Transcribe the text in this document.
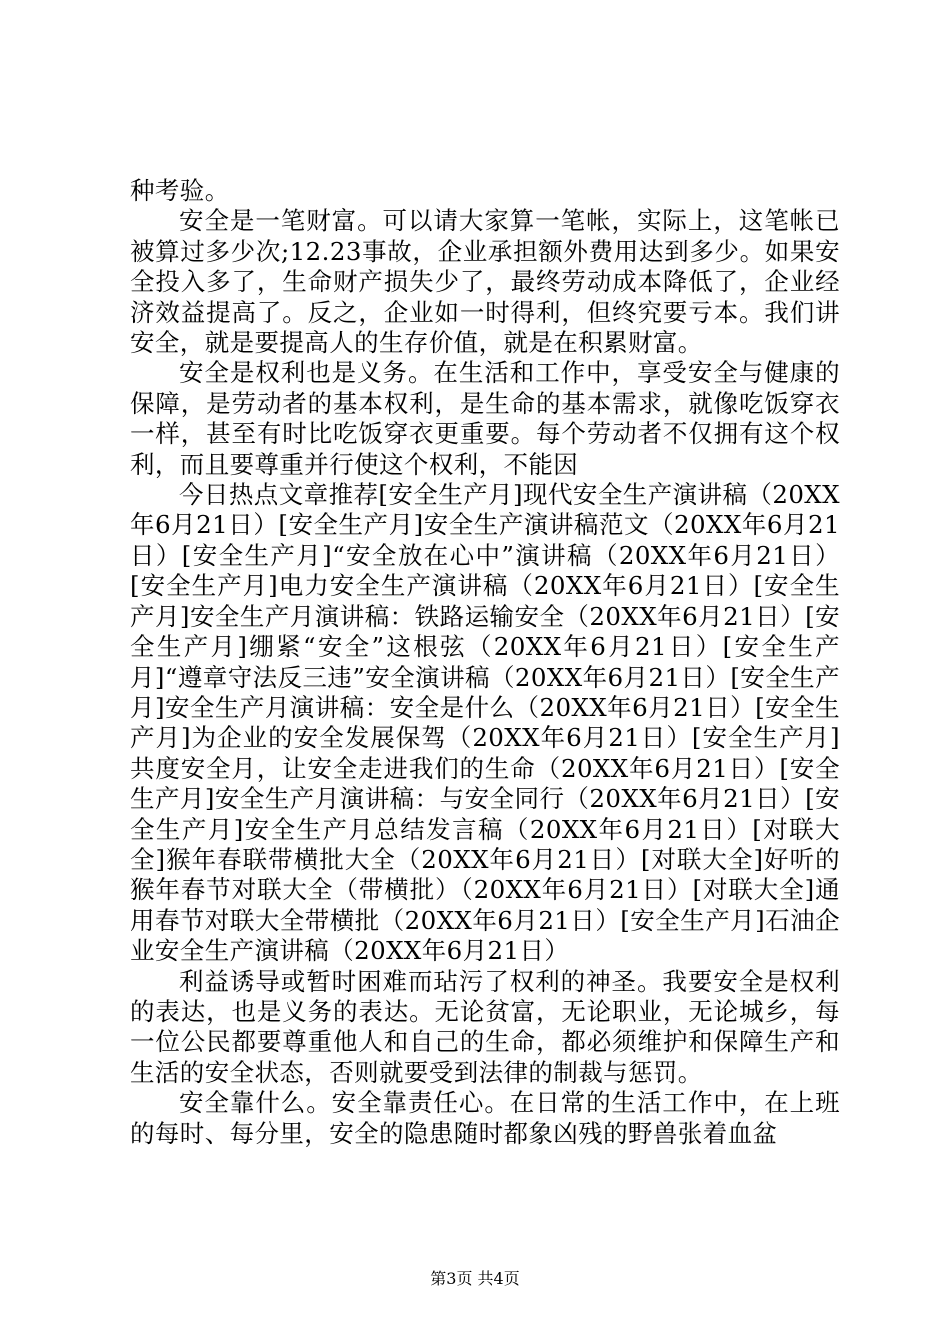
种考验。

安全是一笔财富。可以请大家算一笔帐，实际上，这笔帐已被算过多少次;12.23事故，企业承担额外费用达到多少。如果安全投入多了，生命财产损失少了，最终劳动成本降低了，企业经济效益提高了。反之，企业如一时得利，但终究要亏本。我们讲安全，就是要提高人的生存价值，就是在积累财富。

安全是权利也是义务。在生活和工作中，享受安全与健康的保障，是劳动者的基本权利，是生命的基本需求，就像吃饭穿衣一样，甚至有时比吃饭穿衣更重要。每个劳动者不仅拥有这个权利，而且要尊重并行使这个权利，不能因

今日热点文章推荐[安全生产月]现代安全生产演讲稿（20XX年6月21日）[安全生产月]安全生产演讲稿范文（20XX年6月21日）[安全生产月]“安全放在心中”演讲稿（20XX年6月21日）[安全生产月]电力安全生产演讲稿（20XX年6月21日）[安全生产月]安全生产月演讲稿：铁路运输安全（20XX年6月21日）[安全生产月]绷紧“安全”这根弦（20XX年6月21日）[安全生产月]“遵章守法反三违”安全演讲稿（20XX年6月21日）[安全生产月]安全生产月演讲稿：安全是什么（20XX年6月21日）[安全生产月]为企业的安全发展保驾（20XX年6月21日）[安全生产月]共度安全月，让安全走进我们的生命（20XX年6月21日）[安全生产月]安全生产月演讲稿：与安全同行（20XX年6月21日）[安全生产月]安全生产月总结发言稿（20XX年6月21日）[对联大全]猴年春联带横批大全（20XX年6月21日）[对联大全]好听的猴年春节对联大全（带横批）（20XX年6月21日）[对联大全]通用春节对联大全带横批（20XX年6月21日）[安全生产月]石油企业安全生产演讲稿（20XX年6月21日）

利益诱导或暂时困难而玷污了权利的神圣。我要安全是权利的表达，也是义务的表达。无论贫富，无论职业，无论城乡，每一位公民都要尊重他人和自己的生命，都必须维护和保障生产和生活的安全状态，否则就要受到法律的制裁与惩罚。

安全靠什么。安全靠责任心。在日常的生活工作中，在上班的每时、每分里，安全的隐患随时都象凶残的野兽张着血盆

第3页 共4页
